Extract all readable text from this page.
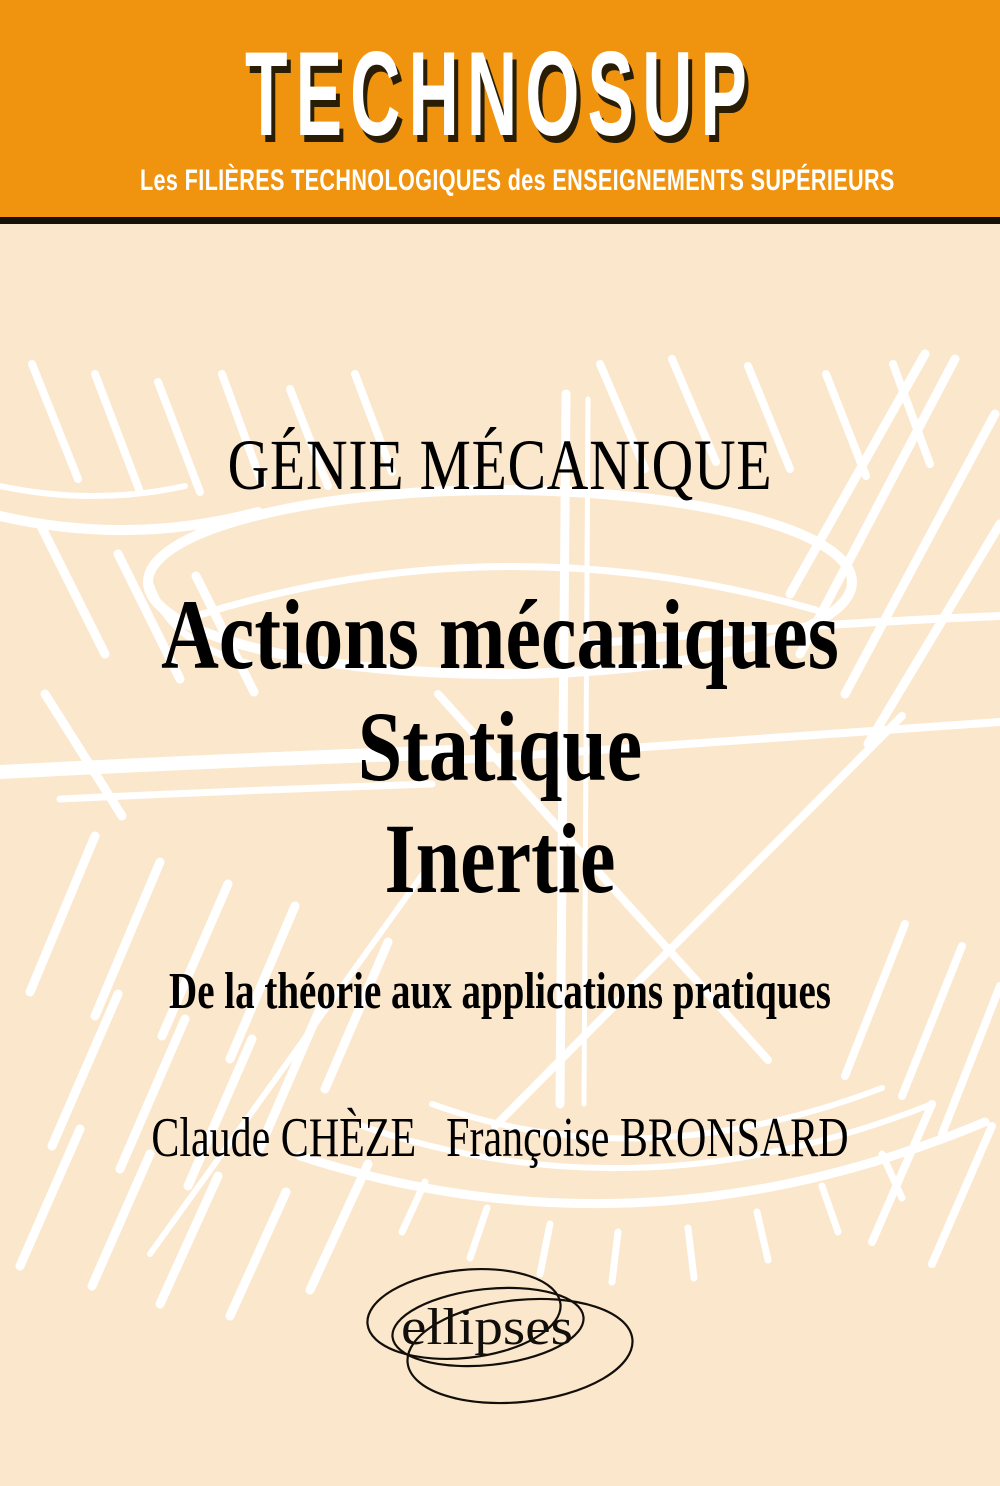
TECHNOSUP
Les FILIÈRES TECHNOLOGIQUES des ENSEIGNEMENTS SUPÉRIEURS
GÉNIE MÉCANIQUE
Actions mécaniques
Statique
Inertie
De la théorie aux applications pratiques
Claude CHÈZE Françoise BRONSARD
ellipses
